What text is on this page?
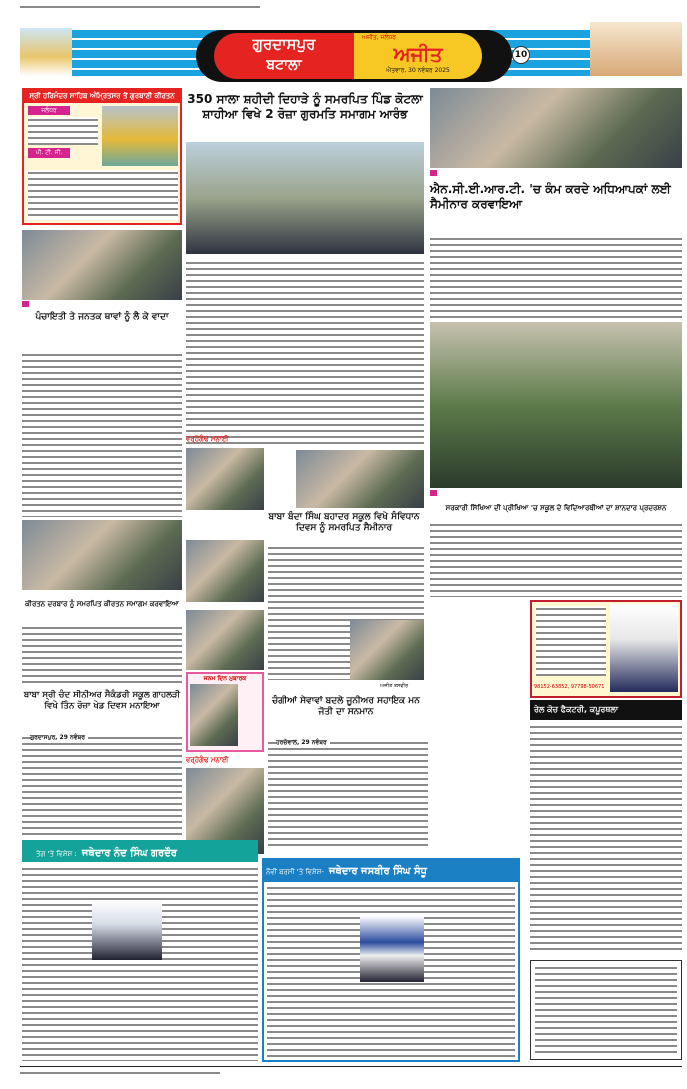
ਗੁਰਦਾਸਪੁਰ
ਬਟਾਲਾ
ਅਜੀਤ, ਜਲੰਧਰ
ਅਜੀਤ
ਐਤਵਾਰ, 30 ਨਵੰਬਰ 2025
10
ਸ੍ਰੀ ਹਰਿਮੰਦਰ ਸਾਹਿਬ ਅੰਮ੍ਰਿਤਸਰ ਤੋਂ ਗੁਰਬਾਣੀ ਕੀਰਤਨ
ਜਲੰਧਰ
ਪੀ. ਟੀ. ਸੀ.
ਪੰਚਾਇਤੀ ਤੇ ਜਨਤਕ ਥਾਵਾਂ ਨੂੰ ਲੈ ਕੇ ਵਾਦਾ
ਕੀਰਤਨ ਦਰਬਾਰ ਨੂੰ ਸਮਰਪਿਤ ਕੀਰਤਨ ਸਮਾਗਮ ਕਰਵਾਇਆ
ਬਾਬਾ ਸ੍ਰੀ ਚੰਦ ਸੀਨੀਅਰ ਸੈਕੰਡਰੀ ਸਕੂਲ ਗਾਹਲੜੀ ਵਿਖੇ ਤਿੰਨ ਰੋਜ਼ਾ ਖੇਡ ਦਿਵਸ ਮਨਾਇਆ
ਗੁਰਦਾਸਪੁਰ, 29 ਨਵੰਬਰ
350 ਸਾਲਾ ਸ਼ਹੀਦੀ ਦਿਹਾੜੇ ਨੂੰ ਸਮਰਪਿਤ ਪਿੰਡ ਕੋਟਲਾ ਸ਼ਾਹੀਆ ਵਿਖੇ 2 ਰੋਜ਼ਾ ਗੁਰਮਤਿ ਸਮਾਗਮ ਆਰੰਭ
ਵਰ੍ਹੇਗੰਢ ਮਨਾਈ
ਬਾਬਾ ਬੰਦਾ ਸਿੰਘ ਬਹਾਦਰ ਸਕੂਲ ਵਿਖੇ ਸੰਵਿਧਾਨ ਦਿਵਸ ਨੂੰ ਸਮਰਪਿਤ ਸੈਮੀਨਾਰ
ਜਨਮ ਦਿਨ ਮੁਬਾਰਕ
ਵਰ੍ਹੇਗੰਢ ਮਨਾਈ
ਅਜੀਤ ਤਸਵੀਰ
ਚੰਗੀਆਂ ਸੇਵਾਵਾਂ ਬਦਲੇ ਜੂਨੀਅਰ ਸਹਾਇਕ ਮਨ ਜੋਤੀ ਦਾ ਸਨਮਾਨ
ਹਰਚੋਵਾਲ, 29 ਨਵੰਬਰ
ਐਨ.ਸੀ.ਈ.ਆਰ.ਟੀ. 'ਚ ਕੰਮ ਕਰਦੇ ਅਧਿਆਪਕਾਂ ਲਈ ਸੈਮੀਨਾਰ ਕਰਵਾਇਆ
ਸਰਕਾਰੀ ਸਿੱਖਿਆ ਦੀ ਪ੍ਰੀਖਿਆ 'ਚ ਸਕੂਲ ਦੇ ਵਿਦਿਆਰਥੀਆਂ ਦਾ ਸ਼ਾਨਦਾਰ ਪ੍ਰਦਰਸ਼ਨ
98152-63852, 97798-50671
ਰੇਲ ਕੋਚ ਫੈਕਟਰੀ, ਕਪੂਰਥਲਾ
ਤੇਗ 'ਤੇ ਵਿਸ਼ੇਸ਼ : ਜਥੇਦਾਰ ਨੰਦ ਸਿੰਘ ਗਰਦੌਰ
ਨੌਵੀਂ ਬਰਸੀ 'ਤੇ ਵਿਸ਼ੇਸ਼- ਜਥੇਦਾਰ ਜਸਬੀਰ ਸਿੰਘ ਸੰਧੂ
